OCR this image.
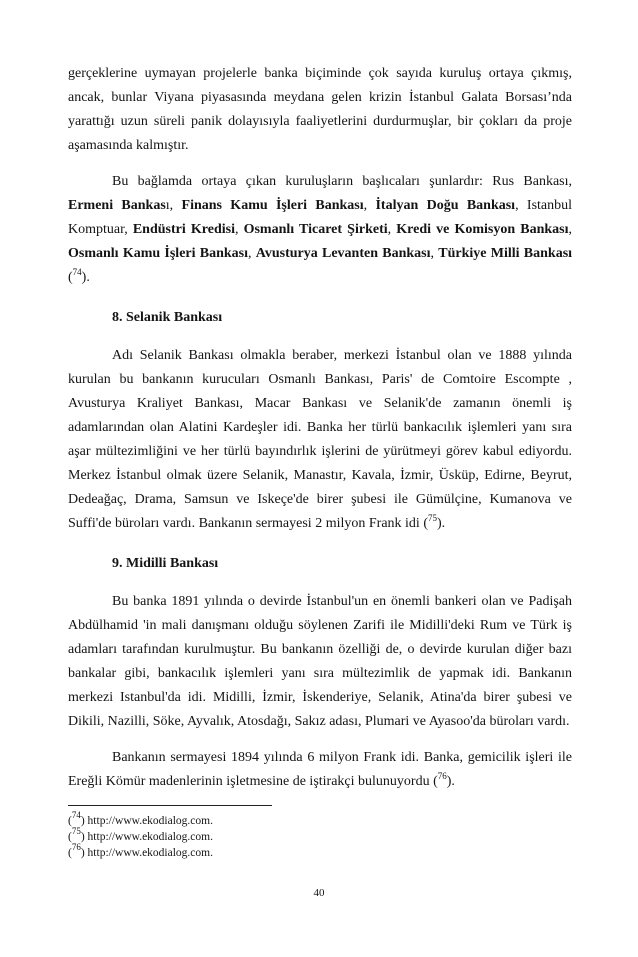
gerçeklerine uymayan projelerle banka biçiminde çok sayıda kuruluş ortaya çıkmış, ancak, bunlar Viyana piyasasında meydana gelen krizin İstanbul Galata Borsası’nda yarattığı uzun süreli panik dolayısıyla faaliyetlerini durdurmuşlar, bir çokları da proje aşamasında kalmıştır.

Bu bağlamda ortaya çıkan kuruluşların başlıcaları şunlardır: Rus Bankası, Ermeni Bankası, Finans Kamu İşleri Bankası, İtalyan Doğu Bankası, Istanbul Komptuar, Endüstri Kredisi, Osmanlı Ticaret Şirketi, Kredi ve Komisyon Bankası, Osmanlı Kamu İşleri Bankası, Avusturya Levanten Bankası, Türkiye Milli Bankası ($^{74}$).

8. Selanik Bankası

Adı Selanik Bankası olmakla beraber, merkezi İstanbul olan ve 1888 yılında kurulan bu bankanın kurucuları Osmanlı Bankası, Paris' de Comtoire Escompte , Avusturya Kraliyet Bankası, Macar Bankası ve Selanik'de zamanın önemli iş adamlarından olan Alatini Kardeşler idi. Banka her türlü bankacılık işlemleri yanı sıra aşar mültezimliğini ve her türlü bayındırlık işlerini de yürütmeyi görev kabul ediyordu. Merkez İstanbul olmak üzere Selanik, Manastır, Kavala, İzmir, Üsküp, Edirne, Beyrut, Dedeağaç, Drama, Samsun ve Iskeçe'de birer şubesi ile Gümülçine, Kumanova ve Suffi'de büroları vardı. Bankanın sermayesi 2 milyon Frank idi ($^{75}$).

9. Midilli Bankası

Bu banka 1891 yılında o devirde İstanbul'un en önemli bankeri olan ve Padişah Abdülhamid 'in mali danışmanı olduğu söylenen Zarifi ile Midilli'deki Rum ve Türk iş adamları tarafından kurulmuştur. Bu bankanın özelliği de, o devirde kurulan diğer bazı bankalar gibi, bankacılık işlemleri yanı sıra mültezimlik de yapmak idi. Bankanın merkezi Istanbul'da idi. Midilli, İzmir, İskenderiye, Selanik, Atina'da birer şubesi ve Dikili, Nazilli, Söke, Ayvalık, Atosdağı, Sakız adası, Plumari ve Ayasoo'da büroları vardı.

Bankanın sermayesi 1894 yılında 6 milyon Frank idi. Banka, gemicilik işleri ile Ereğli Kömür madenlerinin işletmesine de iştirakçi bulunuyordu ($^{76}$).

($^{74}$) http://www.ekodialog.com.
($^{75}$) http://www.ekodialog.com.
($^{76}$) http://www.ekodialog.com.
40
